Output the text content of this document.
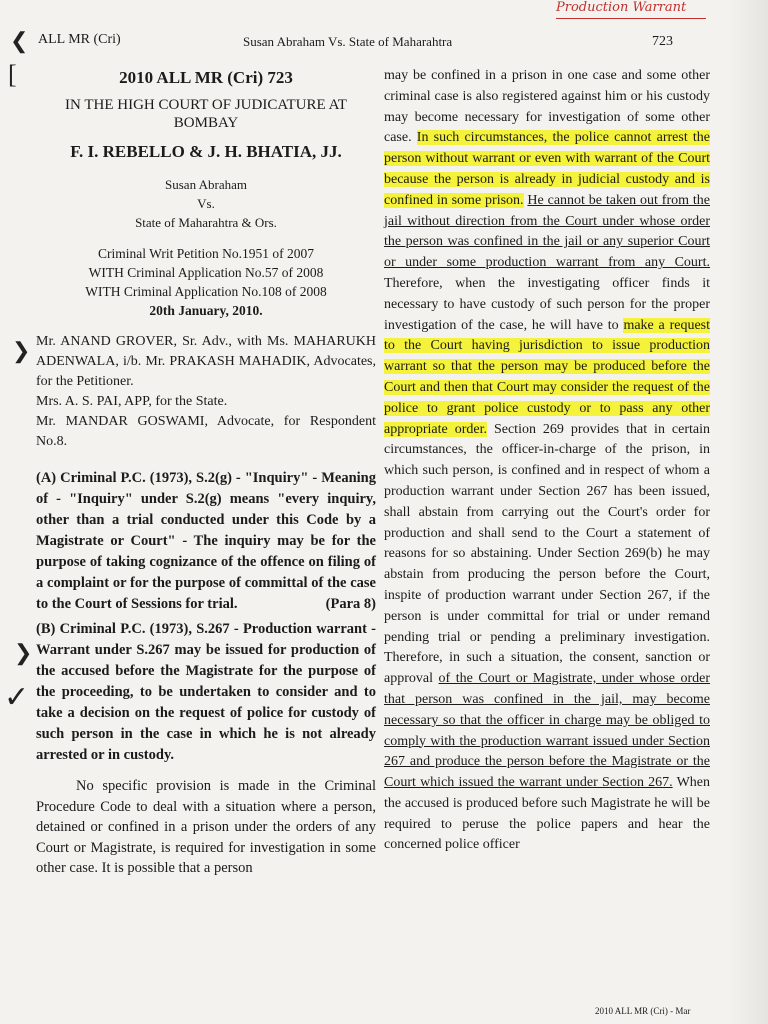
Production Warrant
❮
[
❯
❯
✓
ALL MR (Cri)	Susan Abraham Vs. State of Maharahtra	723
2010 ALL MR (Cri) 723
IN THE HIGH COURT OF JUDICATURE AT
BOMBAY
F. I. REBELLO & J. H. BHATIA, JJ.
Susan Abraham
Vs.
State of Maharahtra & Ors.
Criminal Writ Petition No.1951 of 2007
WITH Criminal Application No.57 of 2008
WITH Criminal Application No.108 of 2008
20th January, 2010.
Mr. ANAND GROVER, Sr. Adv., with Ms. MAHARUKH ADENWALA, i/b. Mr. PRAKASH MAHADIK, Advocates, for the Petitioner.
Mrs. A. S. PAI, APP, for the State.
Mr. MANDAR GOSWAMI, Advocate, for Respondent No.8.
(A) Criminal P.C. (1973), S.2(g) - "Inquiry" - Meaning of - "Inquiry" under S.2(g) means "every inquiry, other than a trial conducted under this Code by a Magistrate or Court" - The inquiry may be for the purpose of taking cognizance of the offence on filing of a complaint or for the purpose of committal of the case to the Court of Sessions for trial.	(Para 8)
(B) Criminal P.C. (1973), S.267 - Production warrant - Warrant under S.267 may be issued for production of the accused before the Magistrate for the purpose of the proceeding, to be undertaken to consider and to take a decision on the request of police for custody of such person in the case in which he is not already arrested or in custody.
No specific provision is made in the Criminal Procedure Code to deal with a situation where a person, detained or confined in a prison under the orders of any Court or Magistrate, is required for investigation in some other case. It is possible that a person

may be confined in a prison in one case and some other criminal case is also registered against him or his custody may become necessary for investigation of some other case. In such circumstances, the police cannot arrest the person without warrant or even with warrant of the Court because the person is already in judicial custody and is confined in some prison. He cannot be taken out from the jail without direction from the Court under whose order the person was confined in the jail or any superior Court or under some production warrant from any Court. Therefore, when the investigating officer finds it necessary to have custody of such person for the proper investigation of the case, he will have to make a request to the Court having jurisdiction to issue production warrant so that the person may be produced before the Court and then that Court may consider the request of the police to grant police custody or to pass any other appropriate order. Section 269 provides that in certain circumstances, the officer-in-charge of the prison, in which such person, is confined and in respect of whom a production warrant under Section 267 has been issued, shall abstain from carrying out the Court's order for production and shall send to the Court a statement of reasons for so abstaining. Under Section 269(b) he may abstain from producing the person before the Court, inspite of production warrant under Section 267, if the person is under committal for trial or under remand pending trial or pending a preliminary investigation. Therefore, in such a situation, the consent, sanction or approval of the Court or Magistrate, under whose order that person was confined in the jail, may become necessary so that the officer in charge may be obliged to comply with the production warrant issued under Section 267 and produce the person before the Magistrate or the Court which issued the warrant under Section 267. When the accused is produced before such Magistrate he will be required to peruse the police papers and hear the concerned police officer

2010 ALL MR (Cri) - Mar
